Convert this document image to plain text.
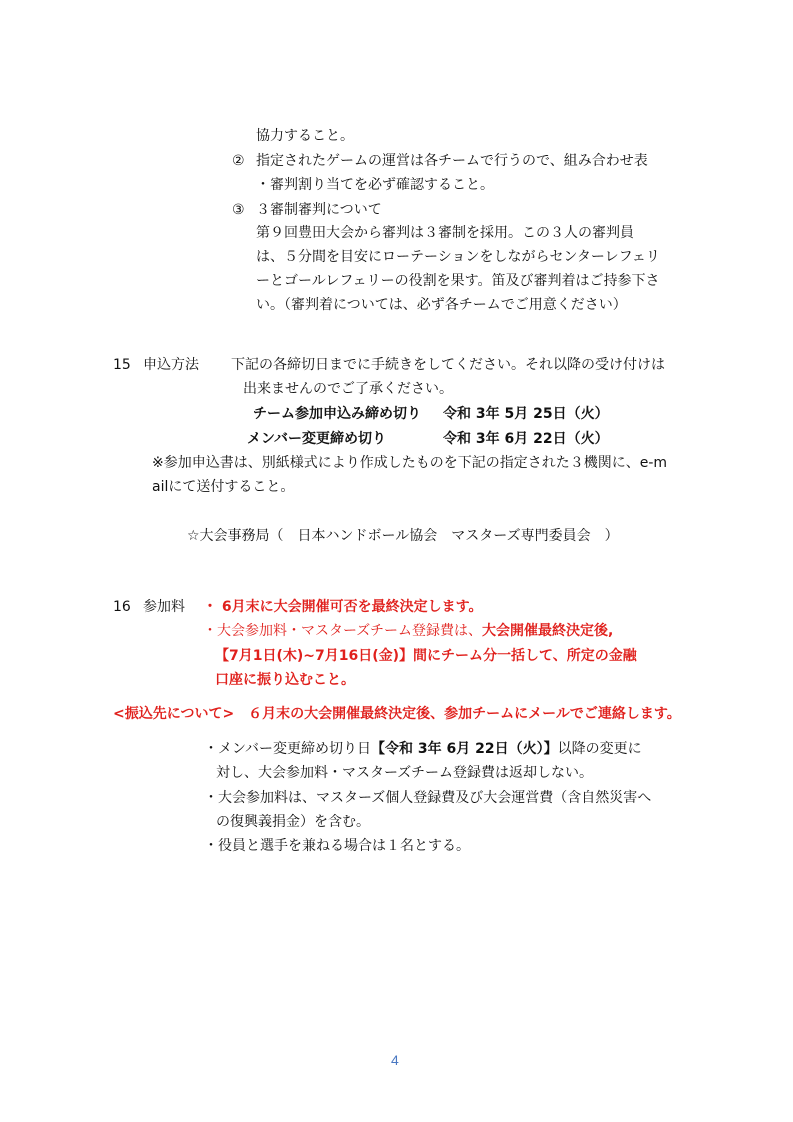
協力すること。
② 指定されたゲームの運営は各チームで行うので、組み合わせ表
・審判割り当てを必ず確認すること。
③ ３審制審判について
第９回豊田大会から審判は３審制を採用。この３人の審判員
は、５分間を目安にローテーションをしながらセンターレフェリ
ーとゴールレフェリーの役割を果す。笛及び審判着はご持参下さ
い。（審判着については、必ず各チームでご用意ください）
15 申込方法 下記の各締切日までに手続きをしてください。それ以降の受け付けは
出来ませんのでご了承ください。
チーム参加申込み締め切り 令和 3年 5月 25日（火）
メンバー変更締め切り	令和 3年 6月 22日（火）
※参加申込書は、別紙様式により作成したものを下記の指定された３機関に、e-m
ailにて送付すること。
☆大会事務局（　日本ハンドボール協会　マスターズ専門委員会　）
16 参加料 ・ 6月末に大会開催可否を最終決定します。
・大会参加料・マスターズチーム登録費は、大会開催最終決定後,
【7月1日(木)~7月16日(金)】間にチーム分一括して、所定の金融
口座に振り込むこと。
<振込先について>　６月末の大会開催最終決定後、参加チームにメールでご連絡します。
・メンバー変更締め切り日【令和 3年 6月 22日（火）】以降の変更に
対し、大会参加料・マスターズチーム登録費は返却しない。
・大会参加料は、マスターズ個人登録費及び大会運営費（含自然災害へ
の復興義捐金）を含む。
・役員と選手を兼ねる場合は１名とする。
4
